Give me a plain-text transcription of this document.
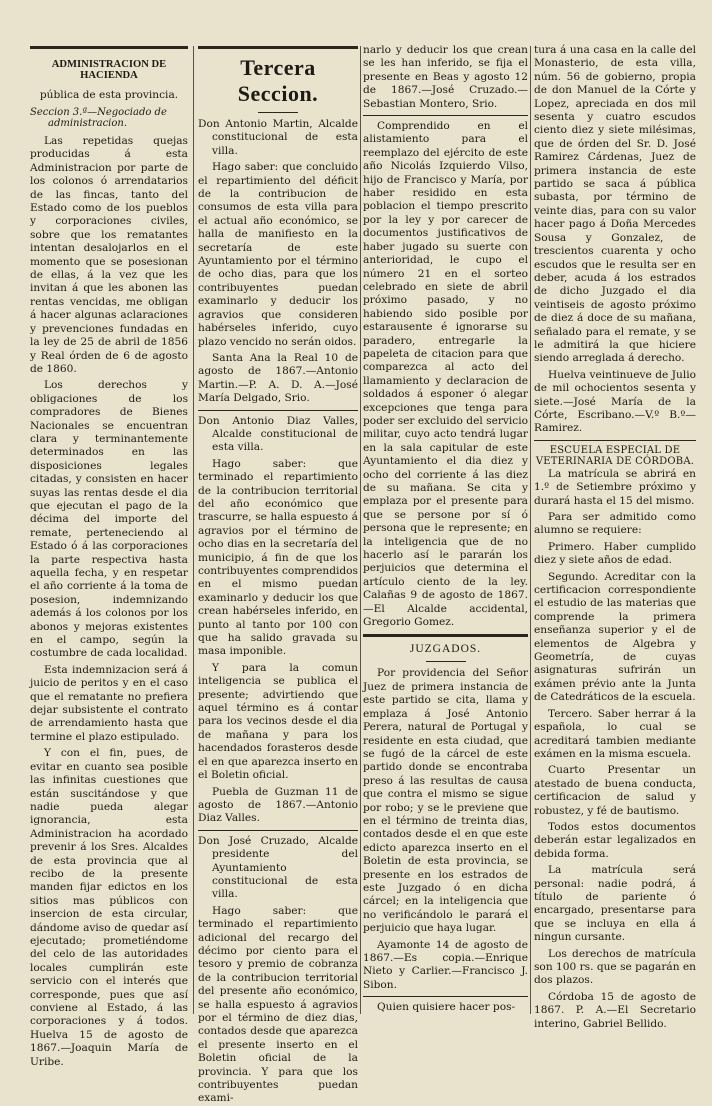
ADMINISTRACION DE HACIENDA
pública de esta provincia.
Seccion 3.ª—Negociado de administracion.

Las repetidas quejas producidas á esta Administracion por parte de los colonos ó arrendatarios de las fincas, tanto del Estado como de los pueblos y corporaciones civiles, sobre que los rematantes intentan desalojarlos en el momento que se posesionan de ellas, á la vez que les invitan á que les abonen las rentas vencidas, me obligan á hacer algunas aclaraciones y prevenciones fundadas en la ley de 25 de abril de 1856 y Real órden de 6 de agosto de 1860.

Los derechos y obligaciones de los compradores de Bienes Nacionales se encuentran clara y terminantemente determinados en las disposiciones legales citadas, y consisten en hacer suyas las rentas desde el dia que ejecutan el pago de la décima del importe del remate, perteneciendo al Estado ó á las corporaciones la parte respectiva hasta aquella fecha, y en respetar el año corriente á la toma de posesion, indemnizando además á los colonos por los abonos y mejoras existentes en el campo, según la costumbre de cada localidad.

Esta indemnizacion será á juicio de peritos y en el caso que el rematante no prefiera dejar subsistente el contrato de arrendamiento hasta que termine el plazo estipulado.

Y con el fin, pues, de evitar en cuanto sea posible las infinitas cuestiones que están suscitándose y que nadie pueda alegar ignorancia, esta Administracion ha acordado prevenir á los Sres. Alcaldes de esta provincia que al recibo de la presente manden fijar edictos en los sitios mas públicos con insercion de esta circular, dándome aviso de quedar así ejecutado; prometiéndome del celo de las autoridades locales cumplirán este servicio con el interés que corresponde, pues que así conviene al Estado, á las corporaciones y á todos. Huelva 15 de agosto de 1867.—Joaquin María de Uribe.

Tercera Seccion.

Don Antonio Martin, Alcalde constitucional de esta villa.

Hago saber: que concluido el repartimiento del déficit de la contribucion de consumos de esta villa para el actual año económico, se halla de manifiesto en la secretaría de este Ayuntamiento por el término de ocho dias, para que los contribuyentes puedan examinarlo y deducir los agravios que consideren habérseles inferido, cuyo plazo vencido no serán oidos.

Santa Ana la Real 10 de agosto de 1867.—Antonio Martin.—P. A. D. A.—José María Delgado, Srio.

Don Antonio Diaz Valles, Alcalde constitucional de esta villa.

Hago saber: que terminado el repartimiento de la contribucion territorial del año económico que trascurre, se halla espuesto á agravios por el término de ocho dias en la secretaría del municipio, á fin de que los contribuyentes comprendidos en el mismo puedan examinarlo y deducir los que crean habérseles inferido, en punto al tanto por 100 con que ha salido gravada su masa imponible.

Y para la comun inteligencia se publica el presente; advirtiendo que aquel término es á contar para los vecinos desde el dia de mañana y para los hacendados forasteros desde el en que aparezca inserto en el Boletin oficial.

Puebla de Guzman 11 de agosto de 1867.—Antonio Diaz Valles.

Don José Cruzado, Alcalde presidente del Ayuntamiento constitucional de esta villa.

Hago saber: que terminado el repartimiento adicional del recargo del décimo por ciento para el tesoro y premio de cobranza de la contribucion territorial del presente año económico, se halla espuesto á agravios por el término de diez dias, contados desde que aparezca el presente inserto en el Boletin oficial de la provincia. Y para que los contribuyentes puedan exami-

narlo y deducir los que crean se les han inferido, se fija el presente en Beas y agosto 12 de 1867.—José Cruzado.—Sebastian Montero, Srio.

Comprendido en el alistamiento para el reemplazo del ejército de este año Nicolás Izquierdo Vilso, hijo de Francisco y María, por haber residido en esta poblacion el tiempo prescrito por la ley y por carecer de documentos justificativos de haber jugado su suerte con anterioridad, le cupo el número 21 en el sorteo celebrado en siete de abril próximo pasado, y no habiendo sido posible por estarausente é ignorarse su paradero, entregarle la papeleta de citacion para que comparezca al acto del llamamiento y declaracion de soldados á esponer ó alegar excepciones que tenga para poder ser excluido del servicio militar, cuyo acto tendrá lugar en la sala capitular de este Ayuntamiento el dia diez y ocho del corriente á las diez de su mañana. Se cita y emplaza por el presente para que se persone por sí ó persona que le represente; en la inteligencia que de no hacerlo así le pararán los perjuicios que determina el artículo ciento de la ley. Calañas 9 de agosto de 1867.—El Alcalde accidental, Gregorio Gomez.

JUZGADOS.

Por providencia del Señor Juez de primera instancia de este partido se cita, llama y emplaza á José Antonio Perera, natural de Portugal y residente en esta ciudad, que se fugó de la cárcel de este partido donde se encontraba preso á las resultas de causa que contra el mismo se sigue por robo; y se le previene que en el término de treinta dias, contados desde el en que este edicto aparezca inserto en el Boletin de esta provincia, se presente en los estrados de este Juzgado ó en dicha cárcel; en la inteligencia que no verificándolo le parará el perjuicio que haya lugar.

Ayamonte 14 de agosto de 1867.—Es copia.—Enrique Nieto y Carlier.—Francisco J. Sibon.

Quien quisiere hacer pos-

tura á una casa en la calle del Monasterio, de esta villa, núm. 56 de gobierno, propia de don Manuel de la Córte y Lopez, apreciada en dos mil sesenta y cuatro escudos ciento diez y siete milésimas, que de órden del Sr. D. José Ramirez Cárdenas, Juez de primera instancia de este partido se saca á pública subasta, por término de veinte dias, para con su valor hacer pago á Doña Mercedes Sousa y Gonzalez, de trescientos cuarenta y ocho escudos que le resulta ser en deber, acuda á los estrados de dicho Juzgado el dia veintiseis de agosto próximo de diez á doce de su mañana, señalado para el remate, y se le admitirá la que hiciere siendo arreglada á derecho.

Huelva veintinueve de Julio de mil ochocientos sesenta y siete.—José María de la Córte, Escribano.—V.º B.º—Ramirez.

ESCUELA ESPECIAL DE VETERINARIA DE CÓRDOBA.

La matrícula se abrirá en 1.º de Setiembre próximo y durará hasta el 15 del mismo.

Para ser admitido como alumno se requiere:

Primero. Haber cumplido diez y siete años de edad.

Segundo. Acreditar con la certificacion correspondiente el estudio de las materias que comprende la primera enseñanza superior y el de elementos de Algebra y Geometría, de cuyas asignaturas sufrirán un exámen prévio ante la Junta de Catedráticos de la escuela.

Tercero. Saber herrar á la española, lo cual se acreditará tambien mediante exámen en la misma escuela.

Cuarto Presentar un atestado de buena conducta, certificacion de salud y robustez, y fé de bautismo.

Todos estos documentos deberán estar legalizados en debida forma.

La matrícula será personal: nadie podrá, á título de pariente ó encargado, presentarse para que se incluya en ella á ningun cursante.

Los derechos de matrícula son 100 rs. que se pagarán en dos plazos.

Córdoba 15 de agosto de 1867. P. A.—El Secretario interino, Gabriel Bellido.
